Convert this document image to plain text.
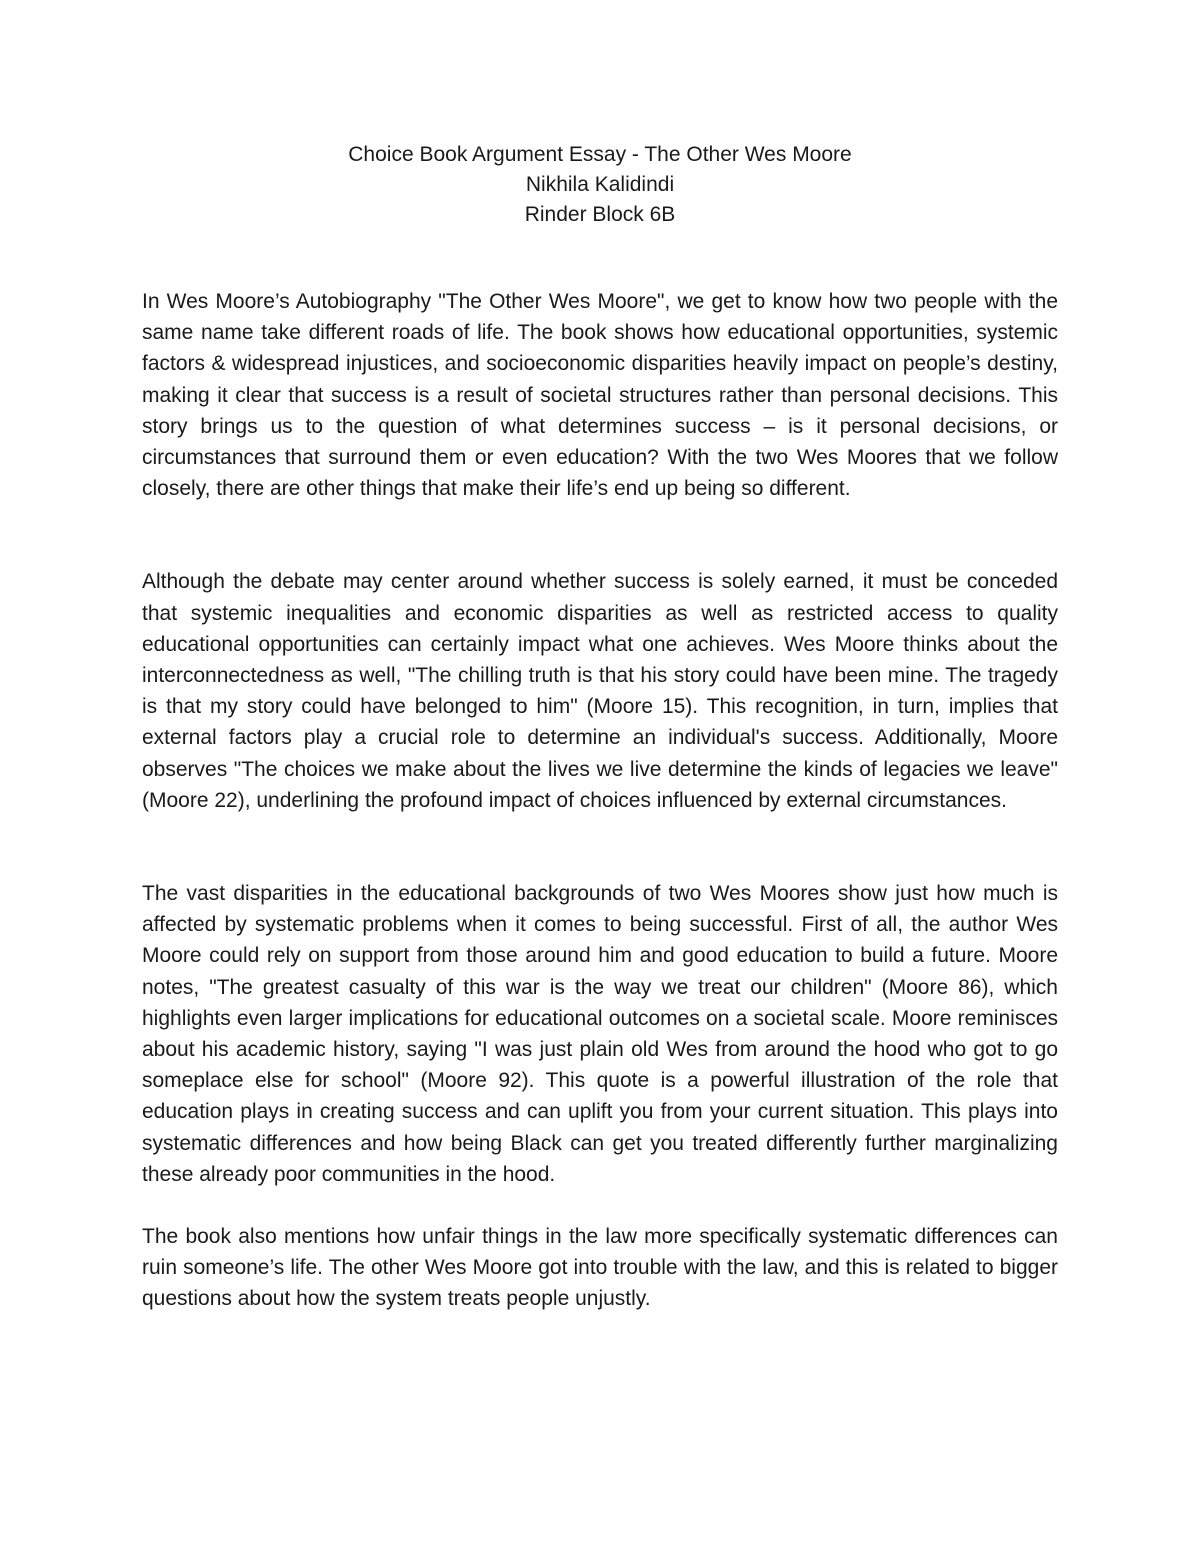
Choice Book Argument Essay - The Other Wes Moore
Nikhila Kalidindi
Rinder Block 6B

In Wes Moore’s Autobiography "The Other Wes Moore", we get to know how two people with the same name take different roads of life. The book shows how educational opportunities, systemic factors & widespread injustices, and socioeconomic disparities heavily impact on people’s destiny, making it clear that success is a result of societal structures rather than personal decisions. This story brings us to the question of what determines success – is it personal decisions, or circumstances that surround them or even education? With the two Wes Moores that we follow closely, there are other things that make their life’s end up being so different.

Although the debate may center around whether success is solely earned, it must be conceded that systemic inequalities and economic disparities as well as restricted access to quality educational opportunities can certainly impact what one achieves. Wes Moore thinks about the interconnectedness as well, "The chilling truth is that his story could have been mine. The tragedy is that my story could have belonged to him" (Moore 15). This recognition, in turn, implies that external factors play a crucial role to determine an individual's success. Additionally, Moore observes "The choices we make about the lives we live determine the kinds of legacies we leave" (Moore 22), underlining the profound impact of choices influenced by external circumstances.

The vast disparities in the educational backgrounds of two Wes Moores show just how much is affected by systematic problems when it comes to being successful. First of all, the author Wes Moore could rely on support from those around him and good education to build a future. Moore notes, "The greatest casualty of this war is the way we treat our children" (Moore 86), which highlights even larger implications for educational outcomes on a societal scale. Moore reminisces about his academic history, saying "I was just plain old Wes from around the hood who got to go someplace else for school" (Moore 92). This quote is a powerful illustration of the role that education plays in creating success and can uplift you from your current situation. This plays into systematic differences and how being Black can get you treated differently further marginalizing these already poor communities in the hood.

The book also mentions how unfair things in the law more specifically systematic differences can ruin someone’s life. The other Wes Moore got into trouble with the law, and this is related to bigger questions about how the system treats people unjustly.
